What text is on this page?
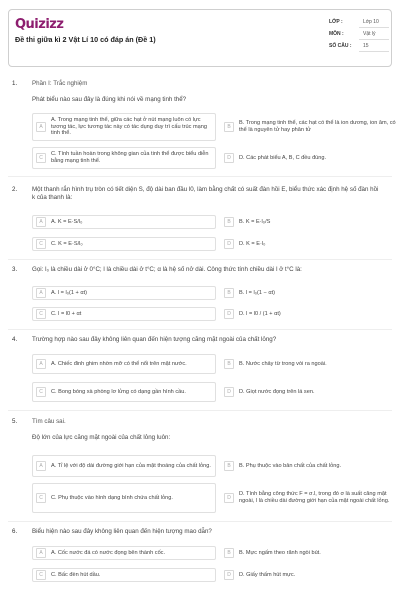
Quizizz
Đề thi giữa kì 2 Vật Lí 10 có đáp án (Đề 1)
LỚP :	Lớp 10
MÔN :	Vật lý
SỐ CÂU :	15
1. Phần I: Trắc nghiệm
Phát biểu nào sau đây là đúng khi nói về mạng tinh thể?
A
A. Trong mạng tinh thể, giữa các hạt ở nút mạng luôn có lực tương tác, lực tương tác này có tác dụng duy trì cấu trúc mạng tinh thể.
B
B. Trong mạng tinh thể, các hạt có thể là ion dương, ion âm, có thể là nguyên tử hay phân tử
C
C. Tính tuần hoàn trong không gian của tinh thể được biểu diễn bằng mạng tinh thể.	D	D. Các phát biểu A, B, C đều đúng.
2. Một thanh rắn hình trụ tròn có tiết diện S, độ dài ban đầu l0, làm bằng chất có suất đàn hồi E, biểu thức xác định hệ số đàn hồi k của thanh là:
A	A. K = E·S/l₀	B	B. K = E·l₀/S
C	C. K = E·S/l₀	D	D. K = E·l₀
3. Gọi: l₀ là chiều dài ở 0°C; l là chiều dài ở t°C; α là hệ số nở dài. Công thức tính chiều dài l ở t°C là:
A	A. l = l₀(1 + αt)	B	B. l = l₀(1 − αt)
C	C. l = l0 + αt	D	D. l = l0 / (1 + αt)
4. Trường hợp nào sau đây không liên quan đến hiện tượng căng mặt ngoài của chất lỏng?
A	A. Chiếc đinh ghim nhờn mỡ có thể nổi trên mặt nước.	B	B. Nước chảy từ trong vòi ra ngoài.
C	C. Bong bóng xà phòng lơ lửng có dạng gần hình cầu.	D	D. Giọt nước đọng trên lá sen.
5. Tìm câu sai.
Độ lớn của lực căng mặt ngoài của chất lỏng luôn:
A	A. Tỉ lệ với độ dài đường giới hạn của mặt thoáng của chất lỏng.	B	B. Phụ thuộc vào bản chất của chất lỏng.
C	C. Phụ thuộc vào hình dạng bình chứa chất lỏng.	D
D. Tính bằng công thức F = σ.l, trong đó σ là suất căng mặt ngoài, l là chiều dài đường giới hạn của mặt ngoài chất lỏng.
6. Biểu hiện nào sau đây không liên quan đến hiện tượng mao dẫn?
A	A. Cốc nước đá có nước đọng bên thành cốc.	B	B. Mực ngấm theo rãnh ngòi bút.
C	C. Bấc đèn hút dầu.	D	D. Giấy thấm hút mực.
